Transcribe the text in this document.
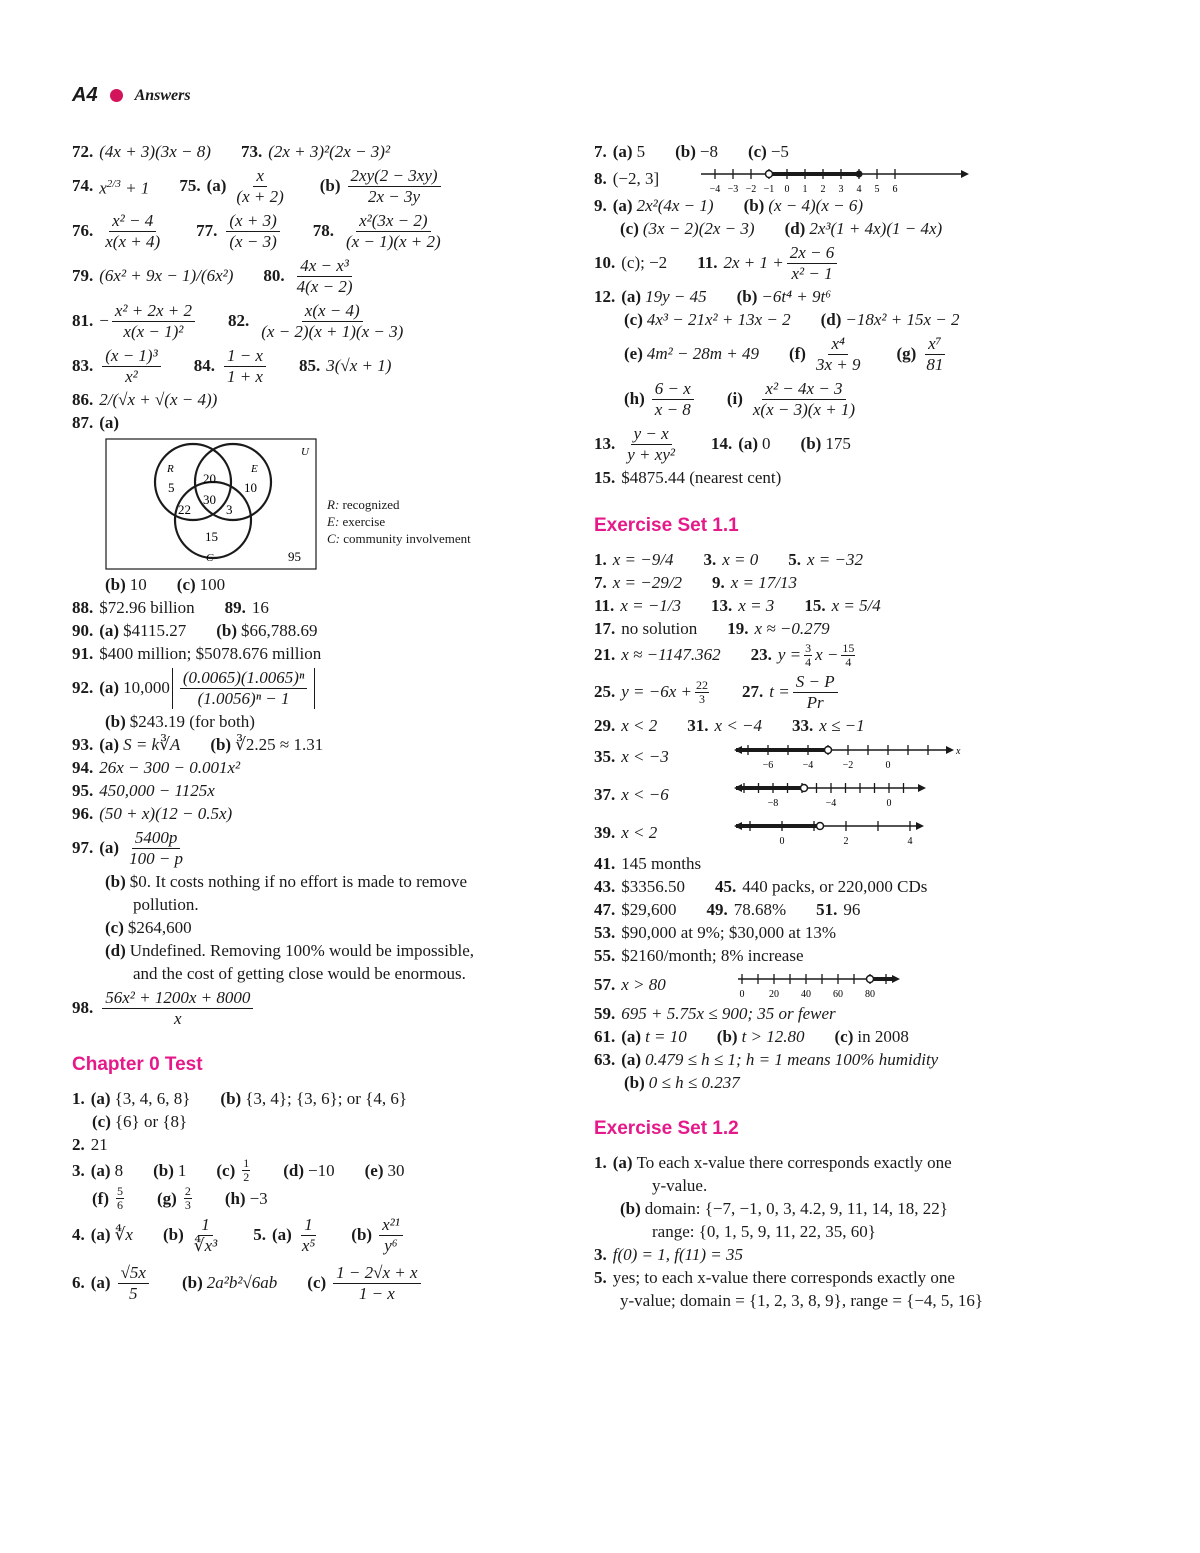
A4 Answers
72. (4x + 3)(3x − 8) 73. (2x + 3)²(2x − 3)²
74. $x^{2/3} + 1$ 75. $(a) \frac{x}{(x + 2)} (b) \frac{2xy(2 - 3xy)}{2x - 3y}$
76. $\frac{\text{x² − 4}}{x(x + 4)} 77$. $\frac{(x + 3)}{(x - 3)} 78$. $\frac{\text{x²(3x − 2)}}{(x - 1)(x + 2)}$
79. (6x² + 9x − 1)/(6x²) 80. $\frac{\text{4x − x³}}{4(x - 2)}$
81. − $\frac{\text{x² + 2x + 2}}{\text{x(x − 1)²}} 82$. $\frac{x(x - 4)}{(x - 2)(x + 1)(x - 3)}$
83. $\frac{\text{(x − 1)³}}{\text{x²}} 84$. $\frac{1 - x}{1 + x} 85$. 3(√x + 1)
86. 2/(√x + √(x − 4))
87. (a)
U
R	E
C
5
20
10
22
30
3
15
95
R: recognized
E: exercise
C: community involvement
(b) 10 (c) 100
88. $72.96 billion 89. 16
90. (a) $4115.27 (b) $66,788.69
91. $400 million; $5078.676 million
92. (a) $10,000 \frac{\text{(0.0065)(1.0065)ⁿ}}{\text{(1.0056)ⁿ − 1}}$
(b) $243.19 (for both)
93. (a) S = k∛A (b) ∛2.25 ≈ 1.31
94. 26x − 300 − 0.001x²
95. 450,000 − 1125x
96. (50 + x)(12 − 0.5x)
97. $(a) \frac{5400p}{100 - p}$
(b) $0. It costs nothing if no effort is made to remove
pollution.
(c) $264,600
(d) Undefined. Removing 100% would be impossible,
and the cost of getting close would be enormous.
98. $\frac{\text{56x² + 1200x + 8000}}{x}$
Chapter 0 Test
1. (a) {3, 4, 6, 8} (b) {3, 4}; {3, 6}; or {4, 6}
(c) {6} or {8}
2. 21
3. (a) 8 (b) 1 $(c) \frac{1}{2} (d) -10$ (e) 30
$(f) \frac{5}{6} (g) \frac{2}{3} (h) -3$
4. (a) ∜x $(b) \frac{1}{\text{∜x³}} 5$. $(a) \frac{1}{\text{x⁵}} (b) \frac{\text{x²¹}}{\text{y⁶}}$
6. $(a) \frac{√5x}{5} (b)$ 2a²b²√6ab $(c) \frac{1 - 2√x + x}{1 - x}$
7. (a) 5 (b) −8 (c) −5
8. (−2, 3]
−4 −3 −2 −1 0 1 2 3 4 5 6
9. (a) 2x²(4x − 1) (b) (x − 4)(x − 6)
(c) (3x − 2)(2x − 3) (d) 2x³(1 + 4x)(1 − 4x)
10. (c); −2 11. $2x + 1 + \frac{2x - 6}{\text{x² − 1}}$
12. (a) 19y − 45 (b) −6t⁴ + 9t⁶
(c) 4x³ − 21x² + 13x − 2 (d) −18x² + 15x − 2
(e) 4m² − 28m + 49 $(f) \frac{\text{x⁴}}{3x + 9} (g) \frac{\text{x⁷}}{81}$
$(h) \frac{6 - x}{x - 8} (i) \frac{\text{x² − 4x − 3}}{x(x - 3)(x + 1)}$
13. $\frac{y - x}{\text{y + xy²}} 14$. (a) 0 (b) 175
15. $4875.44 (nearest cent)
Exercise Set 1.1
1. x = −9/4 3. x = 0 5. x = −32
7. x = −29/2 9. x = 17/13
11. x = −1/3 13. x = 3 15. x = 5/4
17. no solution 19. x ≈ −0.279
21. x ≈ −1147.362 23. $y = \frac{3}{4}$ $x - \frac{15}{4}$
25. $y = -6x + \frac{22}{3} 27$. $t = \frac{S - P}{Pr}$
29. x < 2 31. x < −4 33. x ≤ −1
35. x < −3	−6	−4	−2	0
x
37. x < −6	−8	−4	0
39. x < 2	0	2	4
41. 145 months
43. $3356.50 45. 440 packs, or 220,000 CDs
47. $29,600 49. 78.68% 51. 96
53. $90,000 at 9%; $30,000 at 13%
55. $2160/month; 8% increase
57. x > 80
0 20 40 60 80
59. 695 + 5.75x ≤ 900; 35 or fewer
61. (a) t = 10 (b) t > 12.80 (c) in 2008
63. (a) 0.479 ≤ h ≤ 1; h = 1 means 100% humidity
(b) 0 ≤ h ≤ 0.237
Exercise Set 1.2
1. (a) To each x-value there corresponds exactly one
y-value.
(b) domain: {−7, −1, 0, 3, 4.2, 9, 11, 14, 18, 22}
range: {0, 1, 5, 9, 11, 22, 35, 60}
3. f(0) = 1, f(11) = 35
5. yes; to each x-value there corresponds exactly one
y-value; domain = {1, 2, 3, 8, 9}, range = {−4, 5, 16}
